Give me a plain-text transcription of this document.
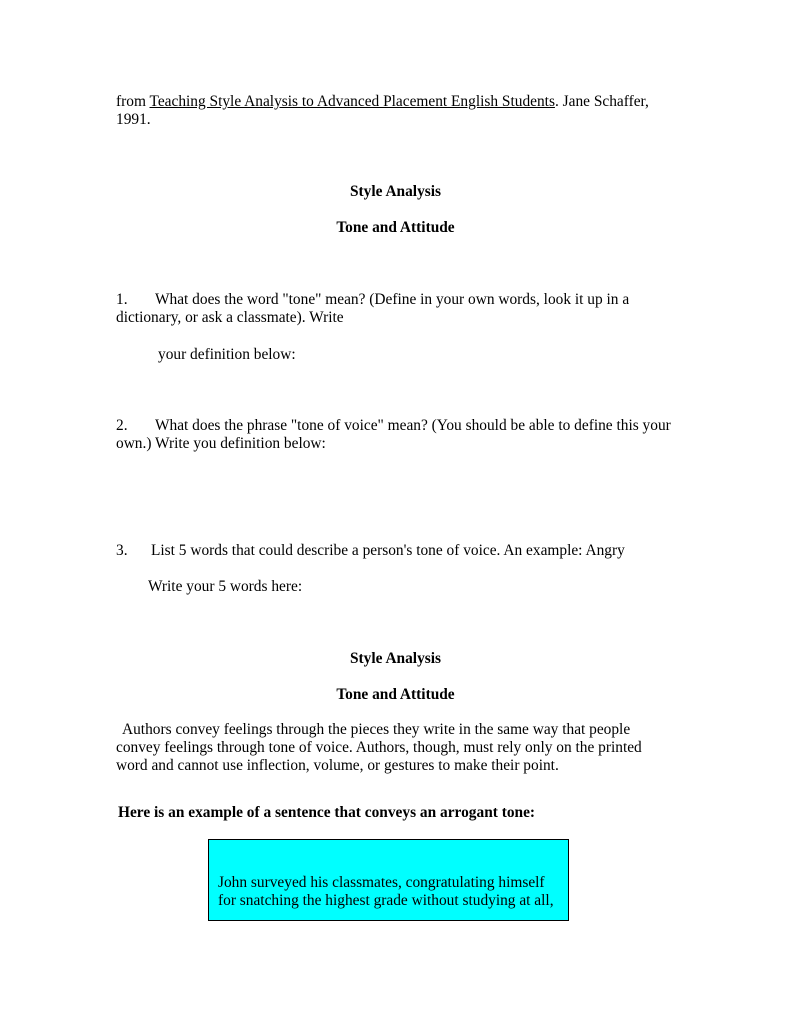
from Teaching Style Analysis to Advanced Placement English Students. Jane Schaffer, 1991.

Style Analysis

Tone and Attitude

1. What does the word "tone" mean? (Define in your own words, look it up in a dictionary, or ask a classmate). Write

your definition below:

2. What does the phrase "tone of voice" mean? (You should be able to define this your own.) Write you definition below:

3. List 5 words that could describe a person's tone of voice. An example: Angry

Write your 5 words here:

Style Analysis

Tone and Attitude

Authors convey feelings through the pieces they write in the same way that people convey feelings through tone of voice. Authors, though, must rely only on the printed word and cannot use inflection, volume, or gestures to make their point.

Here is an example of a sentence that conveys an arrogant tone:

John surveyed his classmates, congratulating himself
for snatching the highest grade without studying at all,
